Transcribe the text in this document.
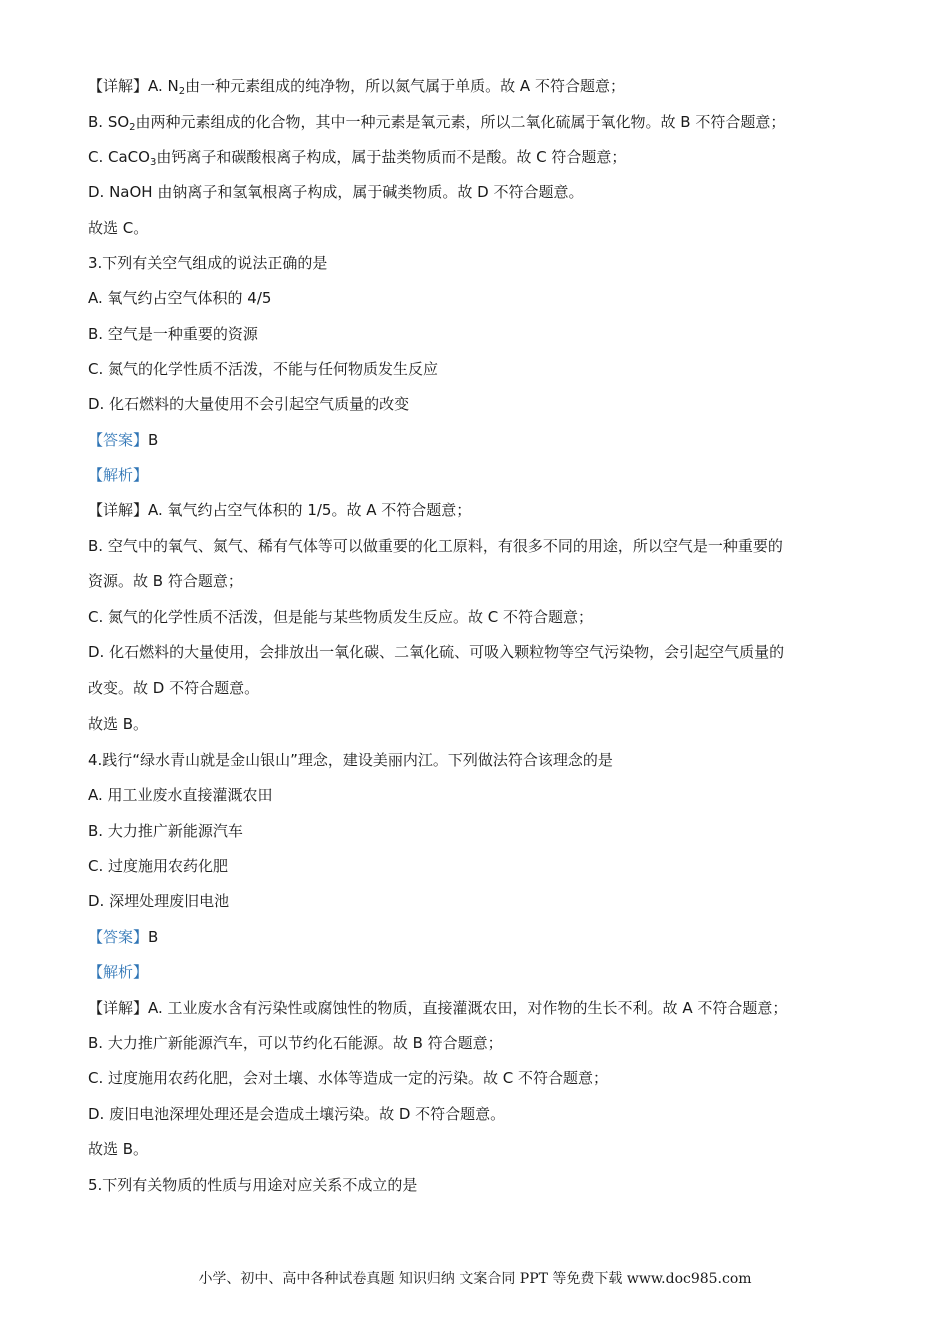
【详解】A. $N_2$由一种元素组成的纯净物，所以氮气属于单质。故 A 不符合题意；
B. $SO_2$由两种元素组成的化合物，其中一种元素是氧元素，所以二氧化硫属于氧化物。故 B 不符合题意；
C. CaCO$_3$由钙离子和碳酸根离子构成，属于盐类物质而不是酸。故 C 符合题意；
D. NaOH 由钠离子和氢氧根离子构成，属于碱类物质。故 D 不符合题意。
故选 C。
3.下列有关空气组成的说法正确的是
A. 氧气约占空气体积的 4/5
B. 空气是一种重要的资源
C. 氮气的化学性质不活泼，不能与任何物质发生反应
D. 化石燃料的大量使用不会引起空气质量的改变
【答案】B
【解析】
【详解】A. 氧气约占空气体积的 1/5。故 A 不符合题意；
B. 空气中的氧气、氮气、稀有气体等可以做重要的化工原料，有很多不同的用途，所以空气是一种重要的
资源。故 B 符合题意；
C. 氮气的化学性质不活泼，但是能与某些物质发生反应。故 C 不符合题意；
D. 化石燃料的大量使用，会排放出一氧化碳、二氧化硫、可吸入颗粒物等空气污染物，会引起空气质量的
改变。故 D 不符合题意。
故选 B。
4.践行“绿水青山就是金山银山”理念，建设美丽内江。下列做法符合该理念的是
A. 用工业废水直接灌溉农田
B. 大力推广新能源汽车
C. 过度施用农药化肥
D. 深埋处理废旧电池
【答案】B
【解析】
【详解】A. 工业废水含有污染性或腐蚀性的物质，直接灌溉农田，对作物的生长不利。故 A 不符合题意；
B. 大力推广新能源汽车，可以节约化石能源。故 B 符合题意；
C. 过度施用农药化肥，会对土壤、水体等造成一定的污染。故 C 不符合题意；
D. 废旧电池深埋处理还是会造成土壤污染。故 D 不符合题意。
故选 B。
5.下列有关物质的性质与用途对应关系不成立的是
小学、初中、高中各种试卷真题 知识归纳 文案合同 PPT 等免费下载 www.doc985.com
